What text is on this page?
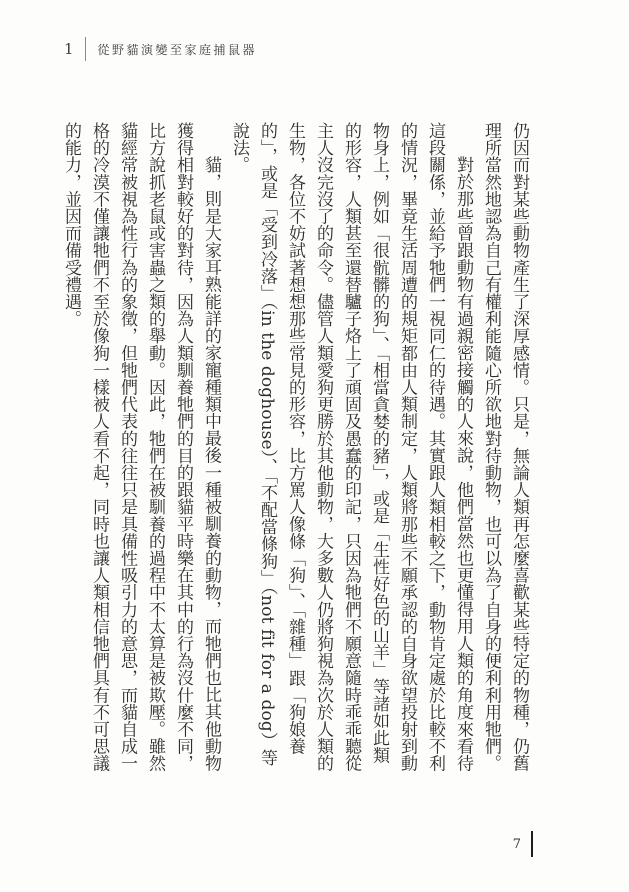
1	從野貓演變至家庭捕鼠器

仍因而對某些動物產生了深厚感情。只是，無論人類再怎麼喜歡某些特定的物種，仍舊理所當然地認為自己有權利能隨心所欲地對待動物，也可以為了自身的便利利用牠們。

對於那些曾跟動物有過親密接觸的人來說，他們當然也更懂得用人類的角度來看待這段關係，並給予牠們一視同仁的待遇。其實跟人類相較之下，動物肯定處於比較不利的情況，畢竟生活周遭的規矩都由人類制定，人類將那些不願承認的自身欲望投射到動物身上，例如「很骯髒的狗」、「相當貪婪的豬」，或是「生性好色的山羊」等諸如此類的形容，人類甚至還替驢子烙上了頑固及愚蠢的印記，只因為牠們不願意隨時乖乖聽從主人沒完沒了的命令。儘管人類愛狗更勝於其他動物，大多數人仍將狗視為次於人類的生物，各位不妨試著想想那些常見的形容，比方罵人像條「狗」、「雜種」跟「狗娘養的」，或是「受到冷落」（in the doghouse）、「不配當條狗」（not fit for a dog）等說法。

貓，則是大家耳熟能詳的家寵種類中最後一種被馴養的動物，而牠們也比其他動物獲得相對較好的對待，因為人類馴養牠們的目的跟貓平時樂在其中的行為沒什麼不同，比方說抓老鼠或害蟲之類的舉動。因此，牠們在被馴養的過程中不太算是被欺壓。雖然貓經常被視為性行為的象徵，但牠們代表的往往只是具備性吸引力的意思，而貓自成一格的冷漠不僅讓牠們不至於像狗一樣被人看不起，同時也讓人類相信牠們具有不可思議的能力，並因而備受禮遇。

7
